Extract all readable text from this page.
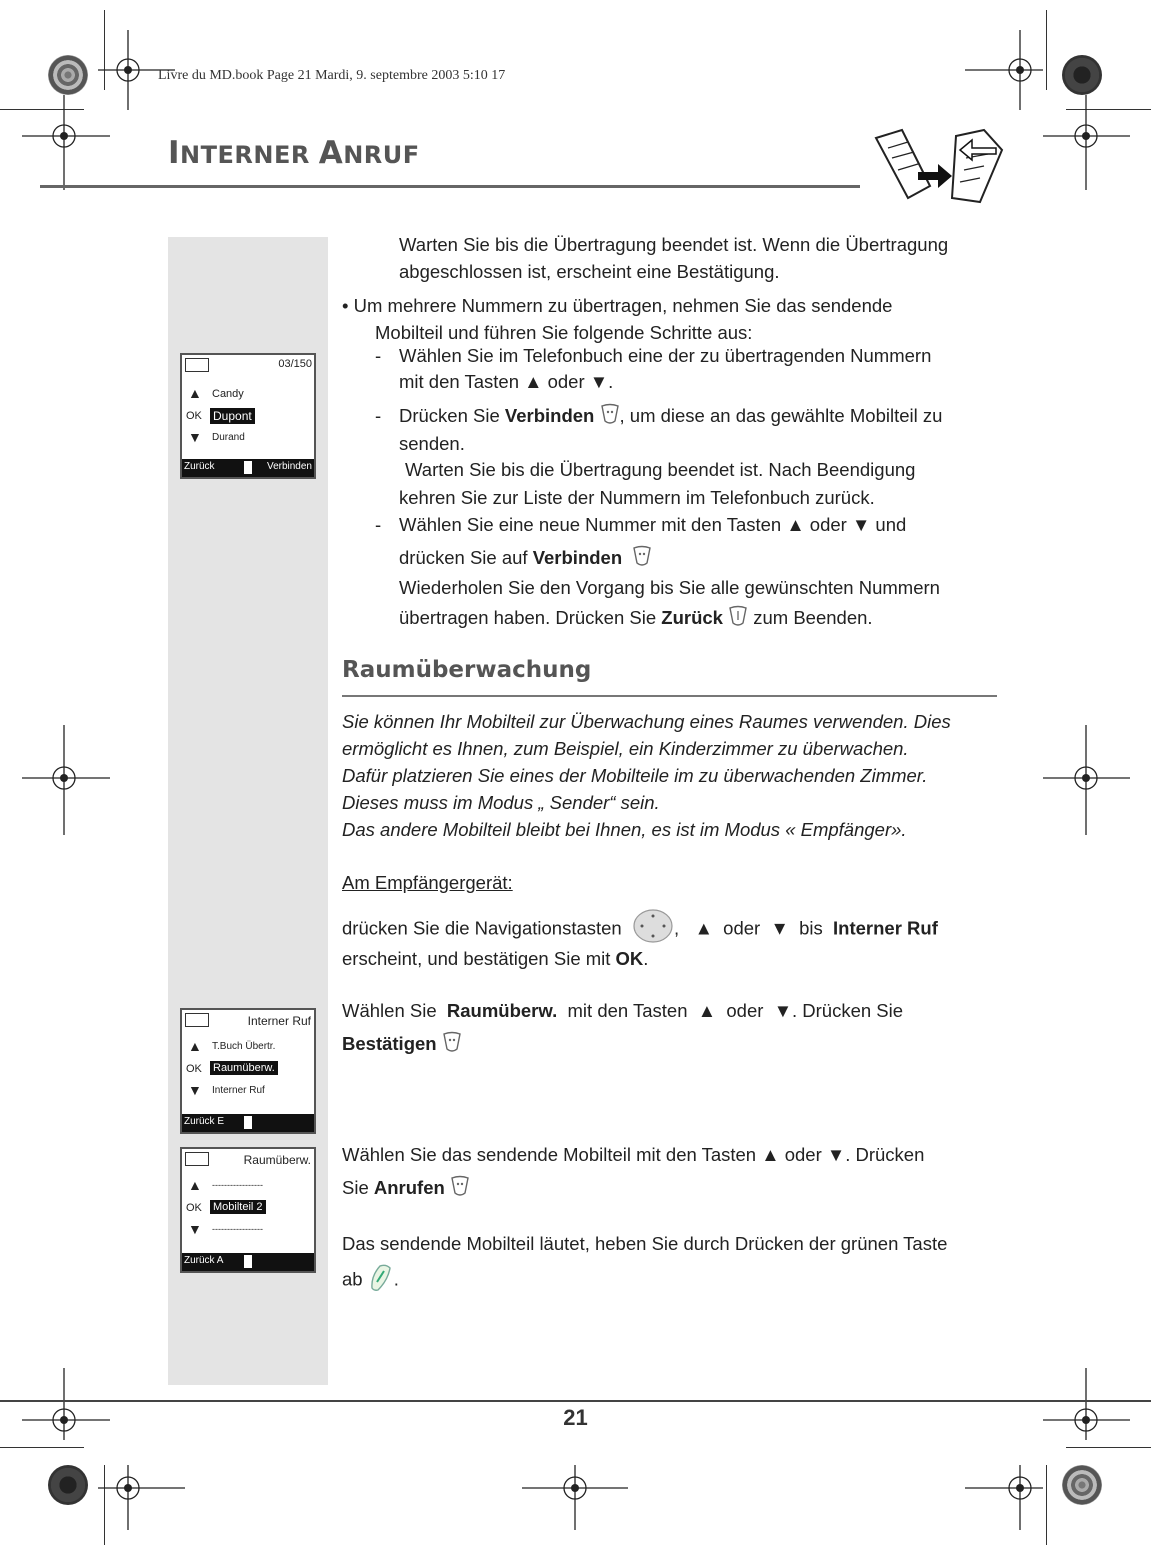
Livre du MD.book Page 21 Mardi, 9. septembre 2003 5:10 17
INTERNER ANRUF
03/150
▲ Candy
OK Dupont
▼ Durand
Zurück	Verbinden
Interner Ruf
▲ T.Buch Übertr.
OK Raumüberw.
▼ Interner Ruf
Zurück E
Raumüberw.
▲ -----------------
OK Mobilteil 2
▼ -----------------
Zurück A
Warten Sie bis die Übertragung beendet ist. Wenn die Übertragung
abgeschlossen ist, erscheint eine Bestätigung.
• Um mehrere Nummern zu übertragen, nehmen Sie das sendende
Mobilteil und führen Sie folgende Schritte aus:
- Wählen Sie im Telefonbuch eine der zu übertragenden Nummern
mit den Tasten ▲ oder ▼.
- Drücken Sie Verbinden , um diese an das gewählte Mobilteil zu
senden.
Warten Sie bis die Übertragung beendet ist. Nach Beendigung
kehren Sie zur Liste der Nummern im Telefonbuch zurück.
- Wählen Sie eine neue Nummer mit den Tasten ▲ oder ▼ und
drücken Sie auf Verbinden
Wiederholen Sie den Vorgang bis Sie alle gewünschten Nummern
übertragen haben. Drücken Sie Zurück zum Beenden.
Raumüberwachung
Sie können Ihr Mobilteil zur Überwachung eines Raumes verwenden. Dies
ermöglicht es Ihnen, zum Beispiel, ein Kinderzimmer zu überwachen.
Dafür platzieren Sie eines der Mobilteile im zu überwachenden Zimmer.
Dieses muss im Modus „ Sender“ sein.
Das andere Mobilteil bleibt bei Ihnen, es ist im Modus « Empfänger».
Am Empfängergerät:
drücken Sie die Navigationstasten	, ▲ oder ▼ bis Interner Ruf
erscheint, und bestätigen Sie mit OK.
Wählen Sie Raumüberw. mit den Tasten ▲ oder ▼. Drücken Sie
Bestätigen
Wählen Sie das sendende Mobilteil mit den Tasten ▲ oder ▼. Drücken
Sie Anrufen
Das sendende Mobilteil läutet, heben Sie durch Drücken der grünen Taste
ab .
21
